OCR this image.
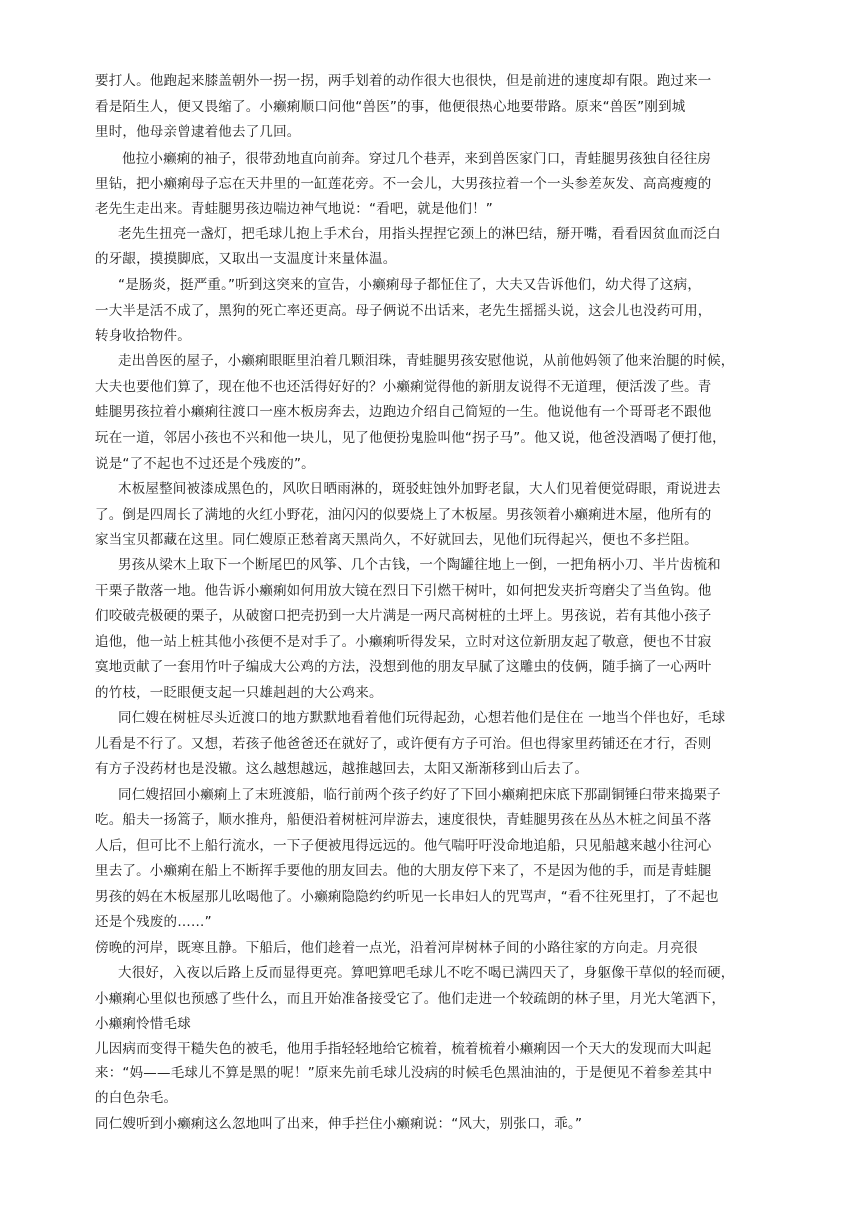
要打人。他跑起来膝盖朝外一拐一拐，两手划着的动作很大也很快，但是前进的速度却有限。跑过来一
看是陌生人，便又畏缩了。小癞痢顺口问他“兽医”的事，他便很热心地要带路。原来“兽医”刚到城
里时，他母亲曾逮着他去了几回。
他拉小癞痢的袖子，很带劲地直向前奔。穿过几个巷弄，来到兽医家门口，青蛙腿男孩独自径往房
里钻，把小癞痢母子忘在天井里的一缸莲花旁。不一会儿，大男孩拉着一个一头参差灰发、高高瘦瘦的
老先生走出来。青蛙腿男孩边喘边神气地说：“看吧，就是他们！”
老先生扭亮一盏灯，把毛球儿抱上手术台，用指头捏捏它颈上的淋巴结，掰开嘴，看看因贫血而泛白
的牙龈，摸摸脚底，又取出一支温度计来量体温。
“是肠炎，挺严重。”听到这突来的宣告，小癞痢母子都怔住了，大夫又告诉他们，幼犬得了这病，
一大半是活不成了，黑狗的死亡率还更高。母子俩说不出话来，老先生摇摇头说，这会儿也没药可用，
转身收拾物件。
走出兽医的屋子，小癞痢眼眶里泊着几颗泪珠，青蛙腿男孩安慰他说，从前他妈领了他来治腿的时候，
大夫也要他们算了，现在他不也还活得好好的？小癞痢觉得他的新朋友说得不无道理，便活泼了些。青
蛙腿男孩拉着小癞痢往渡口一座木板房奔去，边跑边介绍自己简短的一生。他说他有一个哥哥老不跟他
玩在一道，邻居小孩也不兴和他一块儿，见了他便扮鬼脸叫他“拐子马”。他又说，他爸没酒喝了便打他，
说是“了不起也不过还是个残废的”。
木板屋整间被漆成黑色的，风吹日晒雨淋的，斑驳蛀蚀外加野老鼠，大人们见着便觉碍眼，甭说进去
了。倒是四周长了满地的火红小野花，油闪闪的似要烧上了木板屋。男孩领着小癞痢进木屋，他所有的
家当宝贝都藏在这里。同仁嫂原正愁着离天黑尚久，不好就回去，见他们玩得起兴，便也不多拦阻。
男孩从梁木上取下一个断尾巴的风筝、几个古钱，一个陶罐往地上一倒，一把角柄小刀、半片齿梳和
干栗子散落一地。他告诉小癞痢如何用放大镜在烈日下引燃干树叶，如何把发夹折弯磨尖了当鱼钩。他
们咬破壳极硬的栗子，从破窗口把壳扔到一大片满是一两尺高树桩的土坪上。男孩说，若有其他小孩子
追他，他一站上桩其他小孩便不是对手了。小癞痢听得发呆，立时对这位新朋友起了敬意，便也不甘寂
寞地贡献了一套用竹叶子编成大公鸡的方法，没想到他的朋友早腻了这雕虫的伎俩，随手摘了一心两叶
的竹枝，一眨眼便支起一只雄赳赳的大公鸡来。
同仁嫂在树桩尽头近渡口的地方默默地看着他们玩得起劲，心想若他们是住在 一地当个伴也好，毛球
儿看是不行了。又想，若孩子他爸爸还在就好了，或许便有方子可治。但也得家里药铺还在才行，否则
有方子没药材也是没辙。这么越想越远，越推越回去，太阳又渐渐移到山后去了。
同仁嫂招回小癞痢上了末班渡船，临行前两个孩子约好了下回小癞痢把床底下那副铜锤臼带来捣栗子
吃。船夫一扬篙子，顺水推舟，船便沿着树桩河岸游去，速度很快，青蛙腿男孩在丛丛木桩之间虽不落
人后，但可比不上船行流水，一下子便被甩得远远的。他气喘吁吁没命地追船，只见船越来越小往河心
里去了。小癞痢在船上不断挥手要他的朋友回去。他的大朋友停下来了，不是因为他的手，而是青蛙腿
男孩的妈在木板屋那儿吆喝他了。小癞痢隐隐约约听见一长串妇人的咒骂声，“看不往死里打，了不起也
还是个残废的……”
傍晚的河岸，既寒且静。下船后，他们趁着一点光，沿着河岸树林子间的小路往家的方向走。月亮很
大很好，入夜以后路上反而显得更亮。算吧算吧毛球儿不吃不喝已满四天了，身躯像干草似的轻而硬，
小癞痢心里似也预感了些什么，而且开始准备接受它了。他们走进一个较疏朗的林子里，月光大笔洒下，
小癞痢怜惜毛球
儿因病而变得干糙失色的被毛，他用手指轻轻地给它梳着，梳着梳着小癞痢因一个天大的发现而大叫起
来：“妈——毛球儿不算是黑的呢！”原来先前毛球儿没病的时候毛色黑油油的，于是便见不着参差其中
的白色杂毛。
同仁嫂听到小癞痢这么忽地叫了出来，伸手拦住小癞痢说：“风大，别张口，乖。”
